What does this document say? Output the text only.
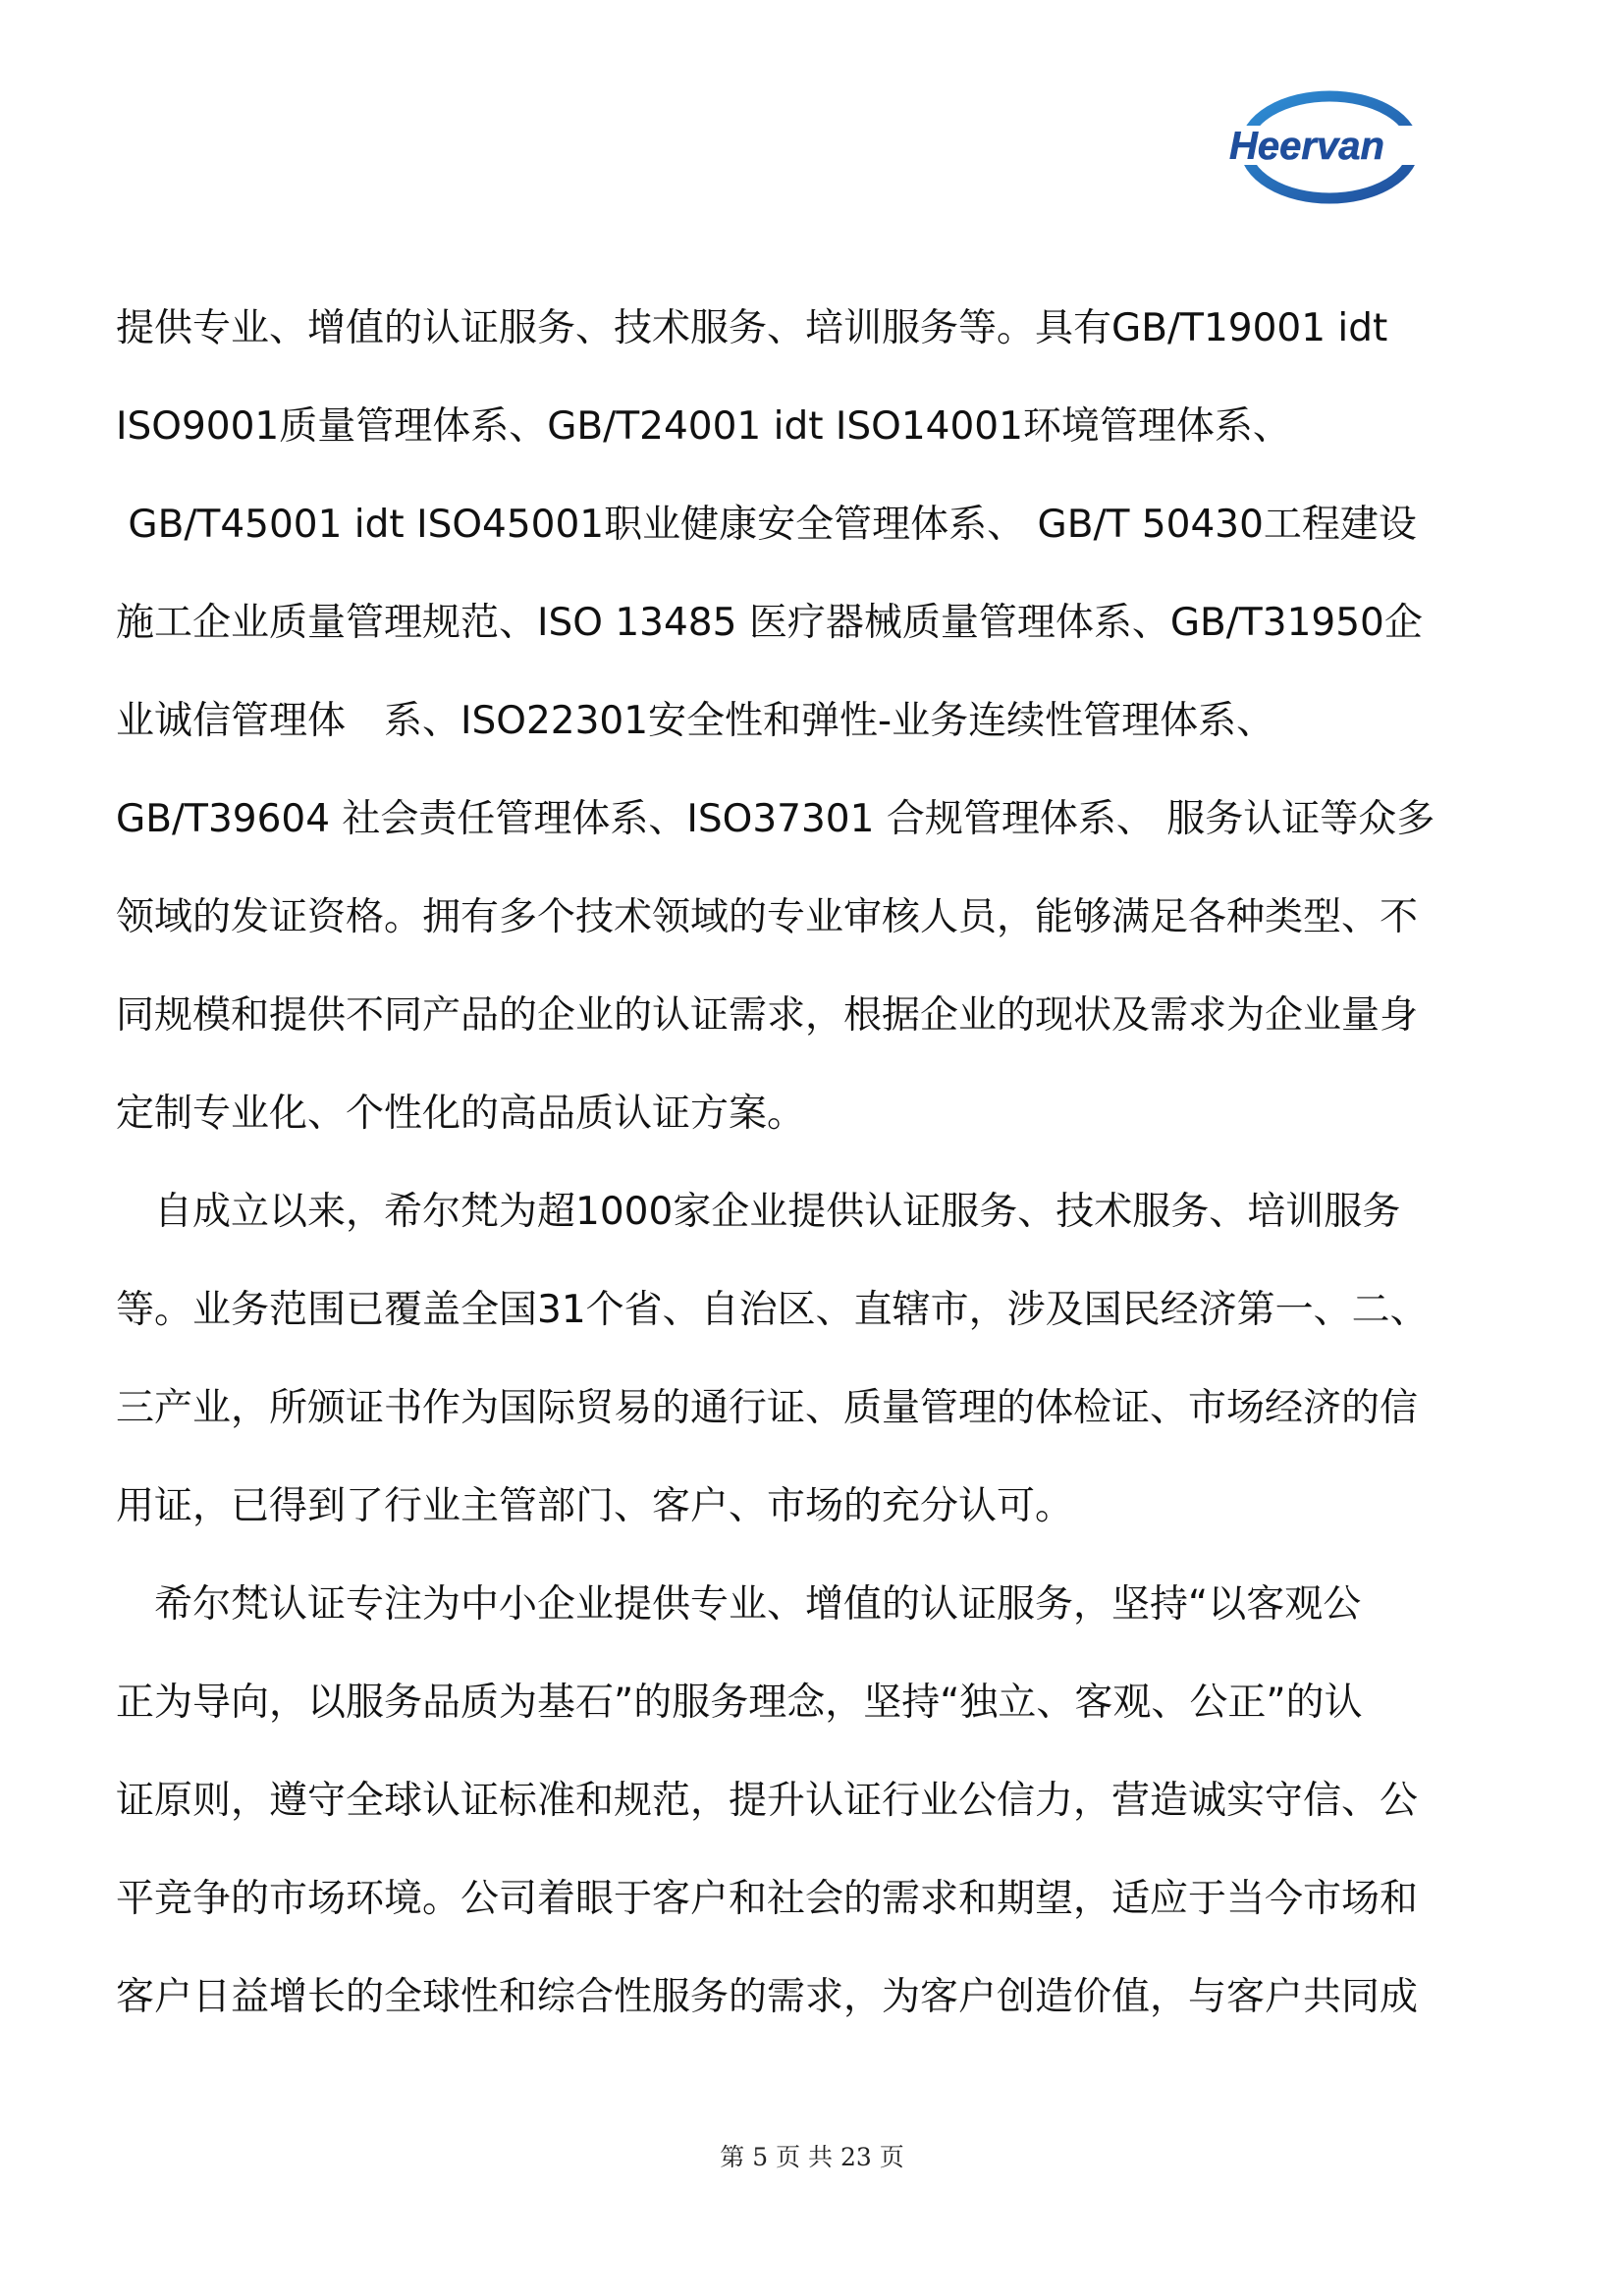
Heervan
提供专业、增值的认证服务、技术服务、培训服务等。具有GB/T19001 idt
ISO9001质量管理体系、GB/T24001 idt ISO14001环境管理体系、
GB/T45001 idt ISO45001职业健康安全管理体系、 GB/T 50430工程建设
施工企业质量管理规范、ISO 13485 医疗器械质量管理体系、GB/T31950企
业诚信管理体　系、ISO22301安全性和弹性-业务连续性管理体系、
GB/T39604 社会责任管理体系、ISO37301 合规管理体系、 服务认证等众多
领域的发证资格。拥有多个技术领域的专业审核人员，能够满足各种类型、不
同规模和提供不同产品的企业的认证需求，根据企业的现状及需求为企业量身
定制专业化、个性化的高品质认证方案。
　自成立以来，希尔梵为超1000家企业提供认证服务、技术服务、培训服务
等。业务范围已覆盖全国31个省、自治区、直辖市，涉及国民经济第一、二、
三产业，所颁证书作为国际贸易的通行证、质量管理的体检证、市场经济的信
用证，已得到了行业主管部门、客户、市场的充分认可。
　希尔梵认证专注为中小企业提供专业、增值的认证服务，坚持“以客观公
正为导向，以服务品质为基石”的服务理念，坚持“独立、客观、公正”的认
证原则，遵守全球认证标准和规范，提升认证行业公信力，营造诚实守信、公
平竞争的市场环境。公司着眼于客户和社会的需求和期望，适应于当今市场和
客户日益增长的全球性和综合性服务的需求，为客户创造价值，与客户共同成
第 5 页 共 23 页
